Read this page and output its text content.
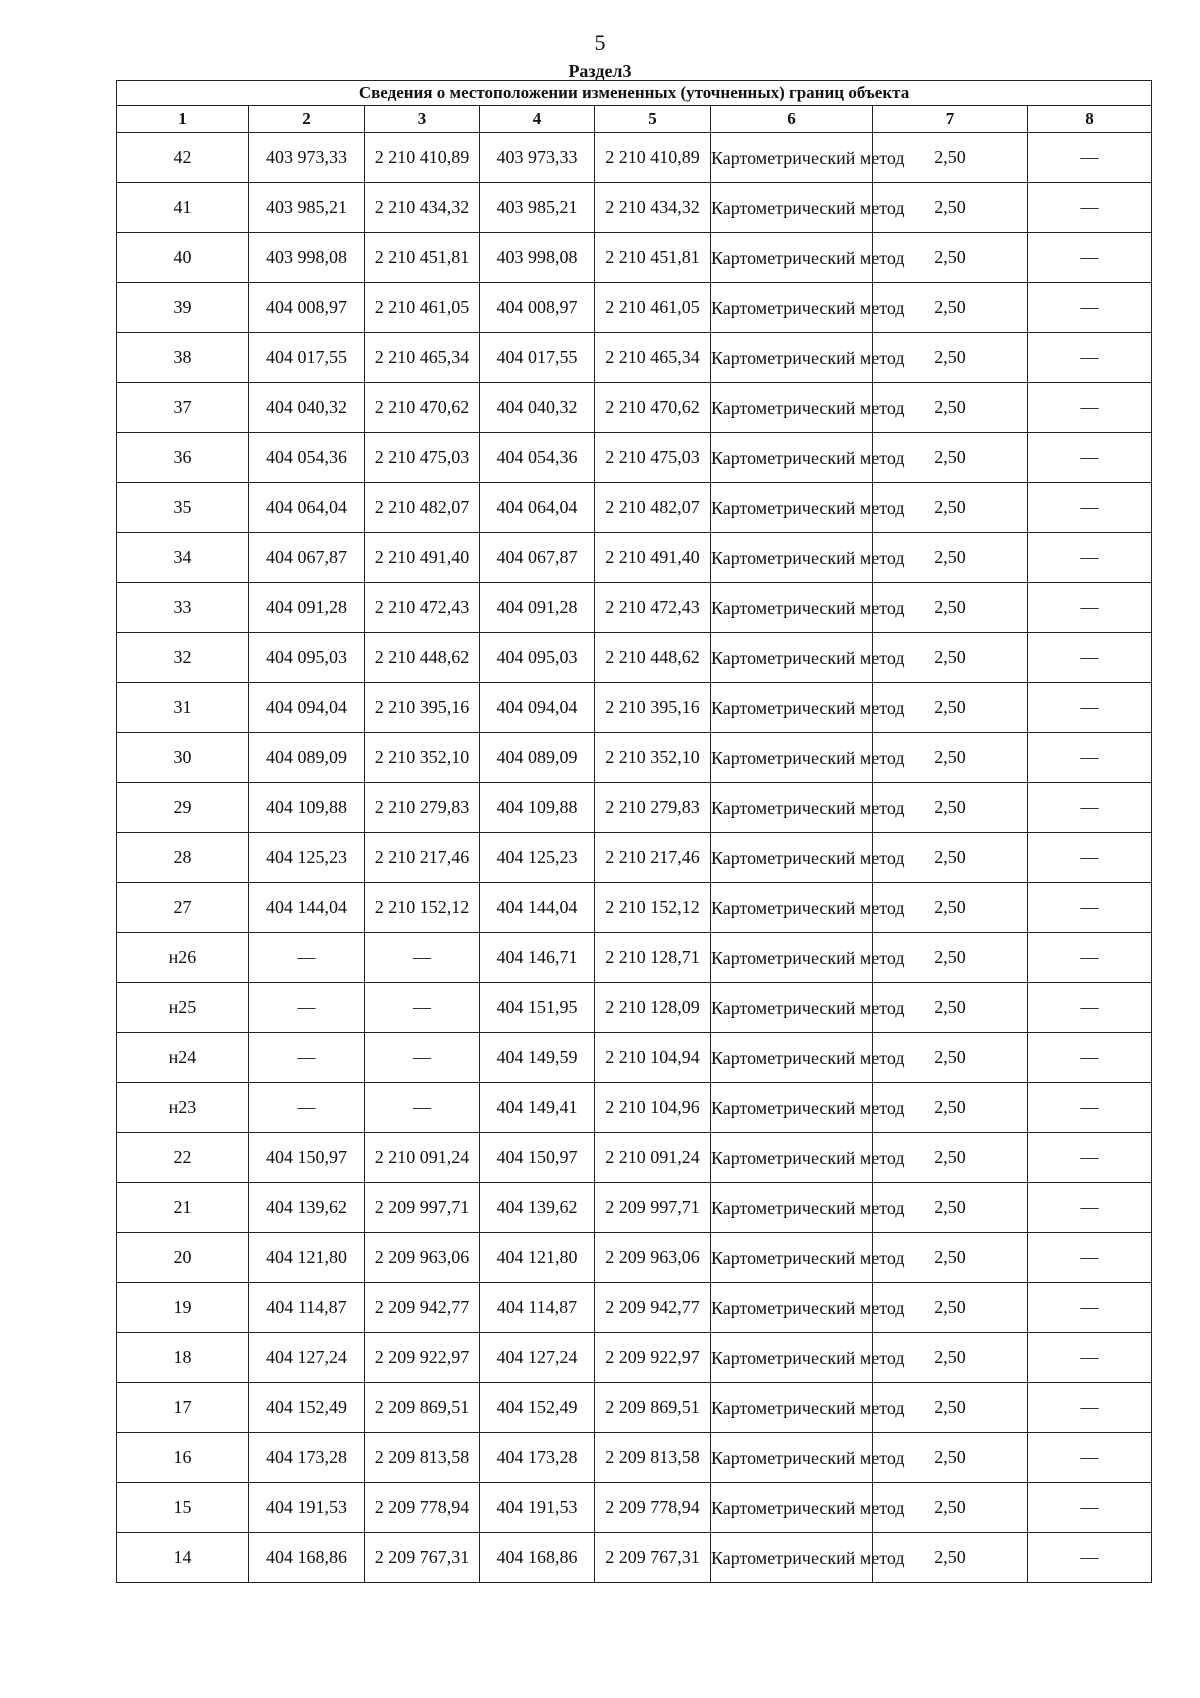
5
Раздел3
Сведения о местоположении измененных (уточненных) границ объекта							
1	2	3	4	5	6	7	8
42	403 973,33	2 210 410,89	403 973,33	2 210 410,89	Картометрический метод	2,50	—
41	403 985,21	2 210 434,32	403 985,21	2 210 434,32	Картометрический метод	2,50	—
40	403 998,08	2 210 451,81	403 998,08	2 210 451,81	Картометрический метод	2,50	—
39	404 008,97	2 210 461,05	404 008,97	2 210 461,05	Картометрический метод	2,50	—
38	404 017,55	2 210 465,34	404 017,55	2 210 465,34	Картометрический метод	2,50	—
37	404 040,32	2 210 470,62	404 040,32	2 210 470,62	Картометрический метод	2,50	—
36	404 054,36	2 210 475,03	404 054,36	2 210 475,03	Картометрический метод	2,50	—
35	404 064,04	2 210 482,07	404 064,04	2 210 482,07	Картометрический метод	2,50	—
34	404 067,87	2 210 491,40	404 067,87	2 210 491,40	Картометрический метод	2,50	—
33	404 091,28	2 210 472,43	404 091,28	2 210 472,43	Картометрический метод	2,50	—
32	404 095,03	2 210 448,62	404 095,03	2 210 448,62	Картометрический метод	2,50	—
31	404 094,04	2 210 395,16	404 094,04	2 210 395,16	Картометрический метод	2,50	—
30	404 089,09	2 210 352,10	404 089,09	2 210 352,10	Картометрический метод	2,50	—
29	404 109,88	2 210 279,83	404 109,88	2 210 279,83	Картометрический метод	2,50	—
28	404 125,23	2 210 217,46	404 125,23	2 210 217,46	Картометрический метод	2,50	—
27	404 144,04	2 210 152,12	404 144,04	2 210 152,12	Картометрический метод	2,50	—
н26	—	—	404 146,71	2 210 128,71	Картометрический метод	2,50	—
н25	—	—	404 151,95	2 210 128,09	Картометрический метод	2,50	—
н24	—	—	404 149,59	2 210 104,94	Картометрический метод	2,50	—
н23	—	—	404 149,41	2 210 104,96	Картометрический метод	2,50	—
22	404 150,97	2 210 091,24	404 150,97	2 210 091,24	Картометрический метод	2,50	—
21	404 139,62	2 209 997,71	404 139,62	2 209 997,71	Картометрический метод	2,50	—
20	404 121,80	2 209 963,06	404 121,80	2 209 963,06	Картометрический метод	2,50	—
19	404 114,87	2 209 942,77	404 114,87	2 209 942,77	Картометрический метод	2,50	—
18	404 127,24	2 209 922,97	404 127,24	2 209 922,97	Картометрический метод	2,50	—
17	404 152,49	2 209 869,51	404 152,49	2 209 869,51	Картометрический метод	2,50	—
16	404 173,28	2 209 813,58	404 173,28	2 209 813,58	Картометрический метод	2,50	—
15	404 191,53	2 209 778,94	404 191,53	2 209 778,94	Картометрический метод	2,50	—
14	404 168,86	2 209 767,31	404 168,86	2 209 767,31	Картометрический метод	2,50	—
